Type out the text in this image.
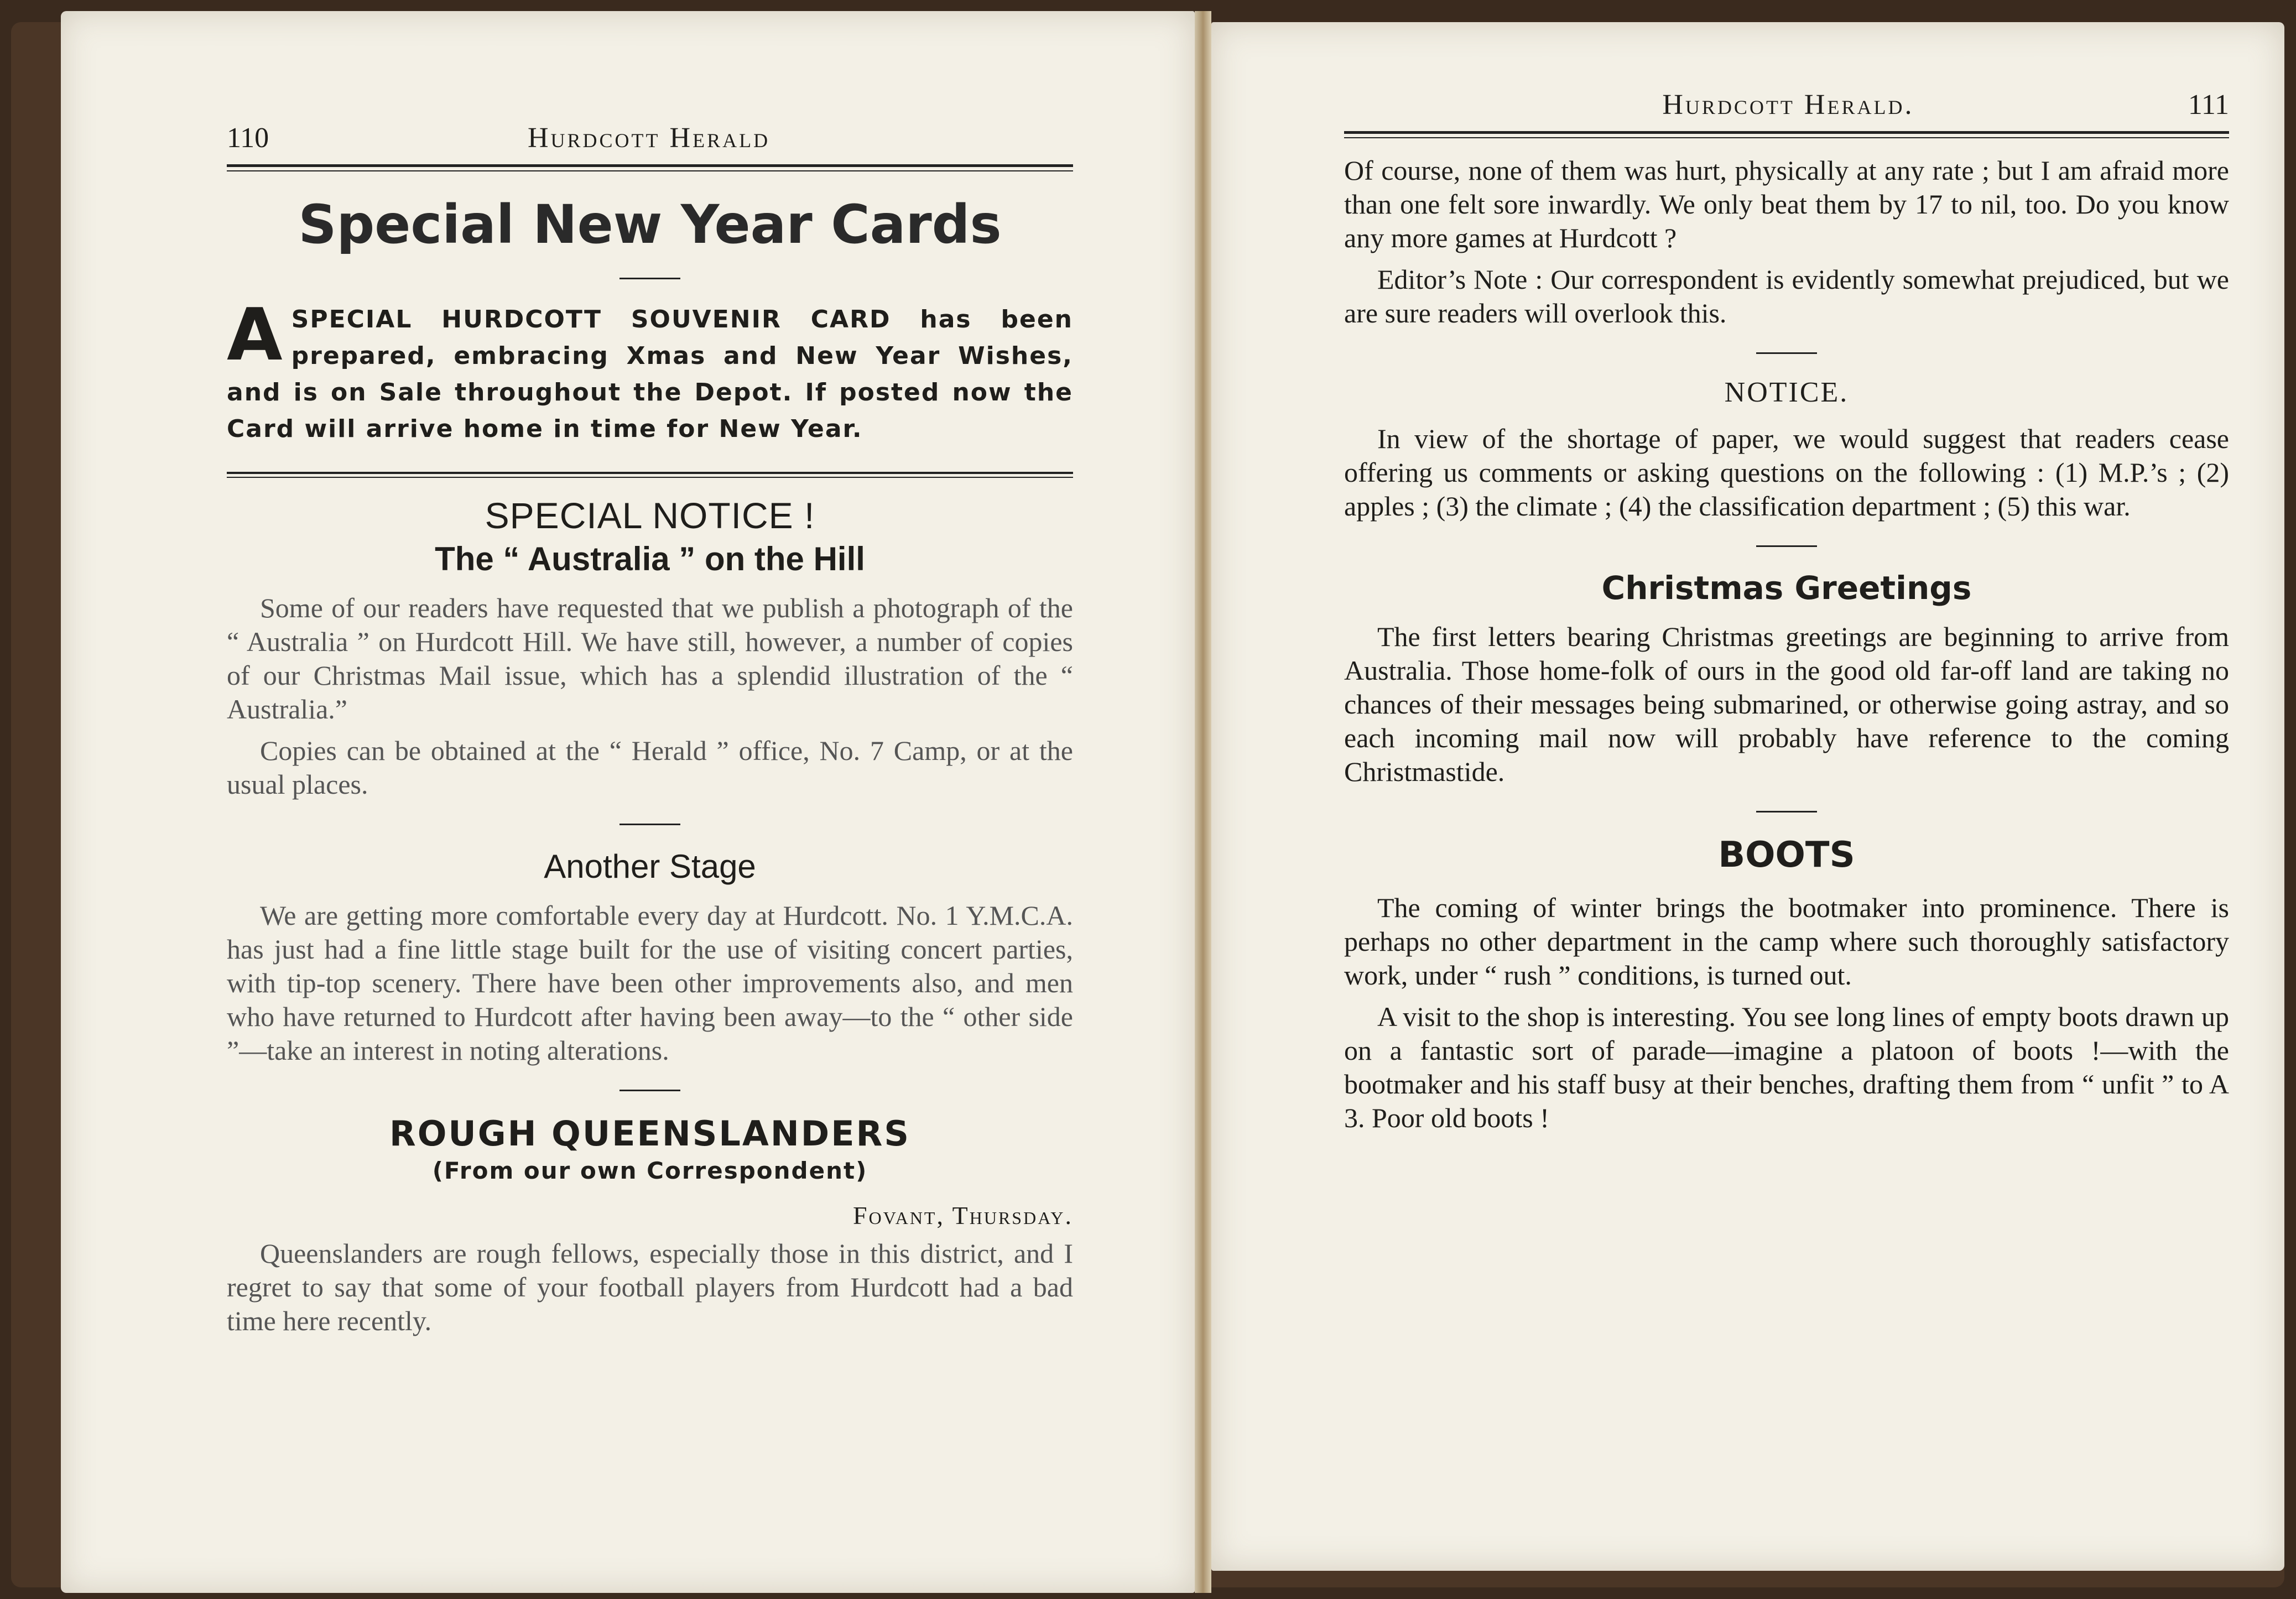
110	Hurdcott Herald
Special New Year Cards
A SPECIAL HURDCOTT SOUVENIR CARD has been prepared, embracing Xmas and New Year Wishes, and is on Sale throughout the Depot. If posted now the Card will arrive home in time for New Year.
SPECIAL NOTICE !
The “ Australia ” on the Hill

Some of our readers have requested that we publish a photograph of the “ Australia ” on Hurdcott Hill. We have still, however, a number of copies of our Christmas Mail issue, which has a splendid illustration of the “ Australia.”

Copies can be obtained at the “ Herald ” office, No. 7 Camp, or at the usual places.

Another Stage

We are getting more comfortable every day at Hurdcott. No. 1 Y.M.C.A. has just had a fine little stage built for the use of visiting concert parties, with tip-top scenery. There have been other improvements also, and men who have returned to Hurdcott after having been away—to the “ other side ”—take an interest in noting alterations.

ROUGH QUEENSLANDERS
(From our own Correspondent)
Fovant, Thursday.

Queenslanders are rough fellows, especially those in this district, and I regret to say that some of your football players from Hurdcott had a bad time here recently.

Hurdcott Herald.	111

Of course, none of them was hurt, physically at any rate ; but I am afraid more than one felt sore inwardly. We only beat them by 17 to nil, too. Do you know any more games at Hurdcott ?

Editor’s Note : Our correspondent is evidently somewhat prejudiced, but we are sure readers will overlook this.

NOTICE.

In view of the shortage of paper, we would suggest that readers cease offering us comments or asking questions on the following : (1) M.P.’s ; (2) apples ; (3) the climate ; (4) the classification department ; (5) this war.

Christmas Greetings

The first letters bearing Christmas greetings are beginning to arrive from Australia. Those home-folk of ours in the good old far-off land are taking no chances of their messages being submarined, or otherwise going astray, and so each incoming mail now will probably have reference to the coming Christmastide.

BOOTS

The coming of winter brings the bootmaker into prominence. There is perhaps no other department in the camp where such thoroughly satisfactory work, under “ rush ” conditions, is turned out.

A visit to the shop is interesting. You see long lines of empty boots drawn up on a fantastic sort of parade—imagine a platoon of boots !—with the bootmaker and his staff busy at their benches, drafting them from “ unfit ” to A 3. Poor old boots !
